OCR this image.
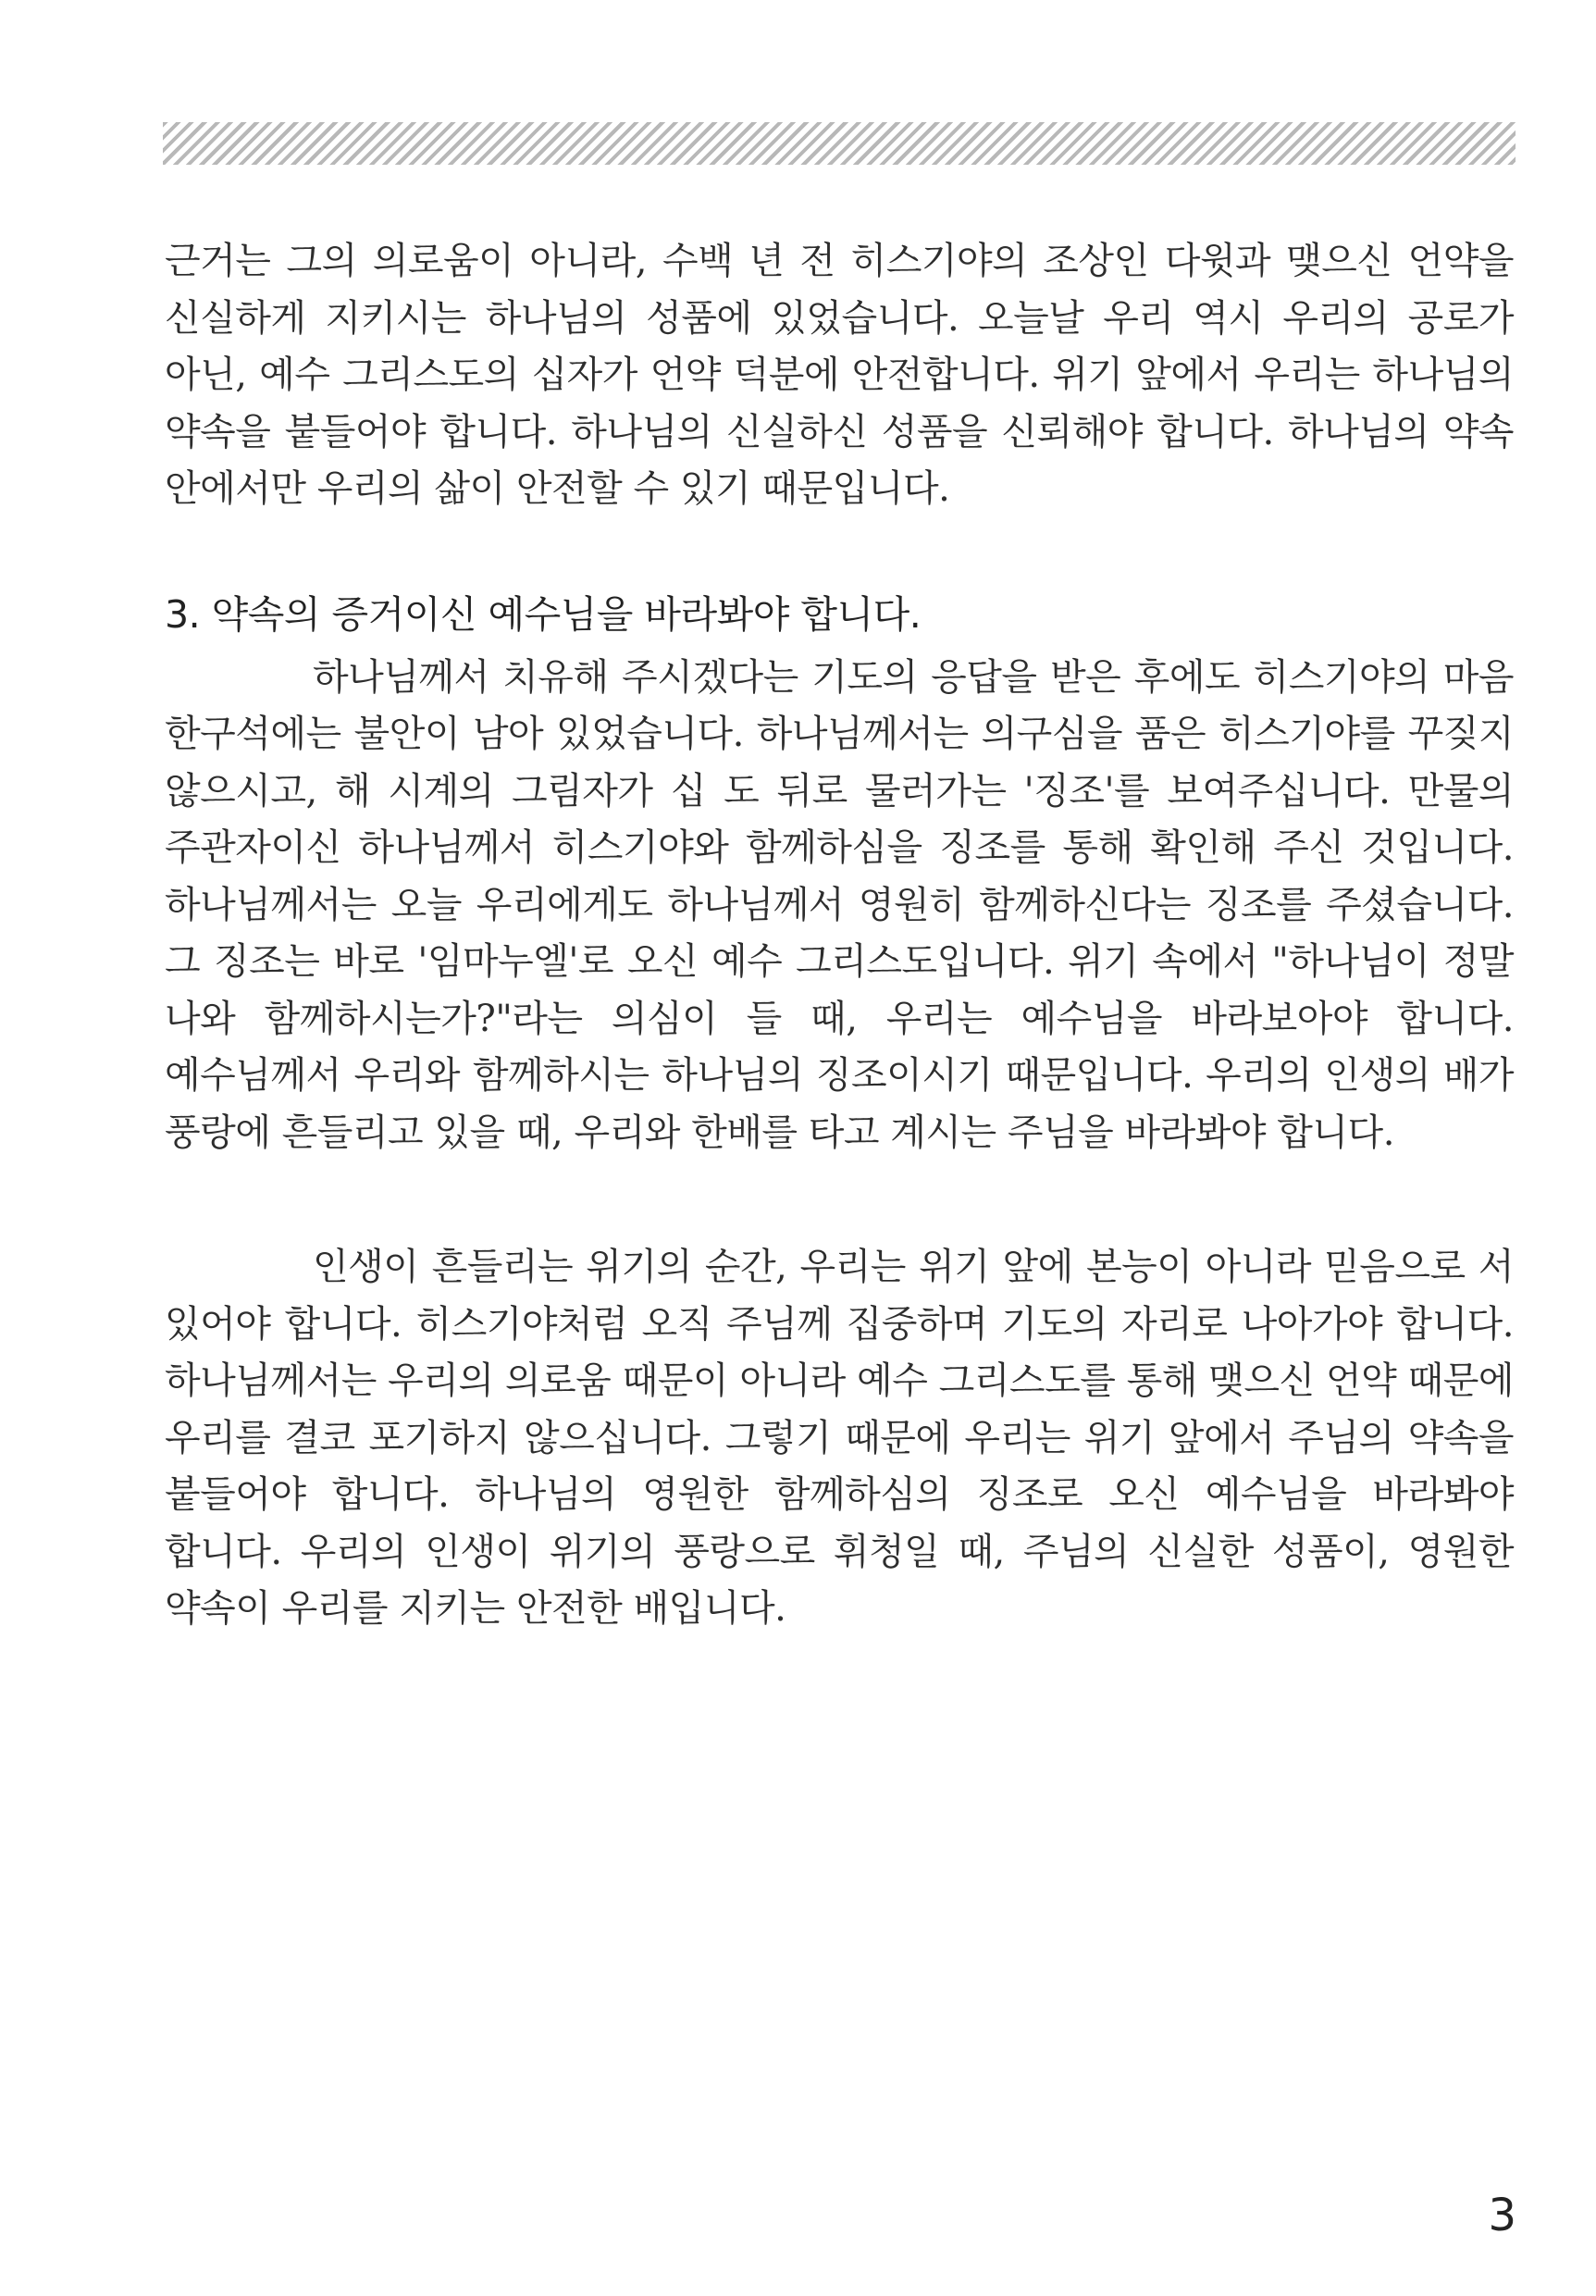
근거는 그의 의로움이 아니라, 수백 년 전 히스기야의 조상인 다윗과 맺으신 언약을 신실하게 지키시는 하나님의 성품에 있었습니다. 오늘날 우리 역시 우리의 공로가 아닌, 예수 그리스도의 십자가 언약 덕분에 안전합니다. 위기 앞에서 우리는 하나님의 약속을 붙들어야 합니다. 하나님의 신실하신 성품을 신뢰해야 합니다. 하나님의 약속 안에서만 우리의 삶이 안전할 수 있기 때문입니다.

3. 약속의 증거이신 예수님을 바라봐야 합니다.

하나님께서 치유해 주시겠다는 기도의 응답을 받은 후에도 히스기야의 마음 한구석에는 불안이 남아 있었습니다. 하나님께서는 의구심을 품은 히스기야를 꾸짖지 않으시고, 해 시계의 그림자가 십 도 뒤로 물러가는 '징조'를 보여주십니다. 만물의 주관자이신 하나님께서 히스기야와 함께하심을 징조를 통해 확인해 주신 것입니다. 하나님께서는 오늘 우리에게도 하나님께서 영원히 함께하신다는 징조를 주셨습니다. 그 징조는 바로 '임마누엘'로 오신 예수 그리스도입니다. 위기 속에서 "하나님이 정말 나와 함께하시는가?"라는 의심이 들 때, 우리는 예수님을 바라보아야 합니다. 예수님께서 우리와 함께하시는 하나님의 징조이시기 때문입니다. 우리의 인생의 배가 풍랑에 흔들리고 있을 때, 우리와 한배를 타고 계시는 주님을 바라봐야 합니다.

인생이 흔들리는 위기의 순간, 우리는 위기 앞에 본능이 아니라 믿음으로 서 있어야 합니다. 히스기야처럼 오직 주님께 집중하며 기도의 자리로 나아가야 합니다. 하나님께서는 우리의 의로움 때문이 아니라 예수 그리스도를 통해 맺으신 언약 때문에 우리를 결코 포기하지 않으십니다. 그렇기 때문에 우리는 위기 앞에서 주님의 약속을 붙들어야 합니다. 하나님의 영원한 함께하심의 징조로 오신 예수님을 바라봐야 합니다. 우리의 인생이 위기의 풍랑으로 휘청일 때, 주님의 신실한 성품이, 영원한 약속이 우리를 지키는 안전한 배입니다.

3
